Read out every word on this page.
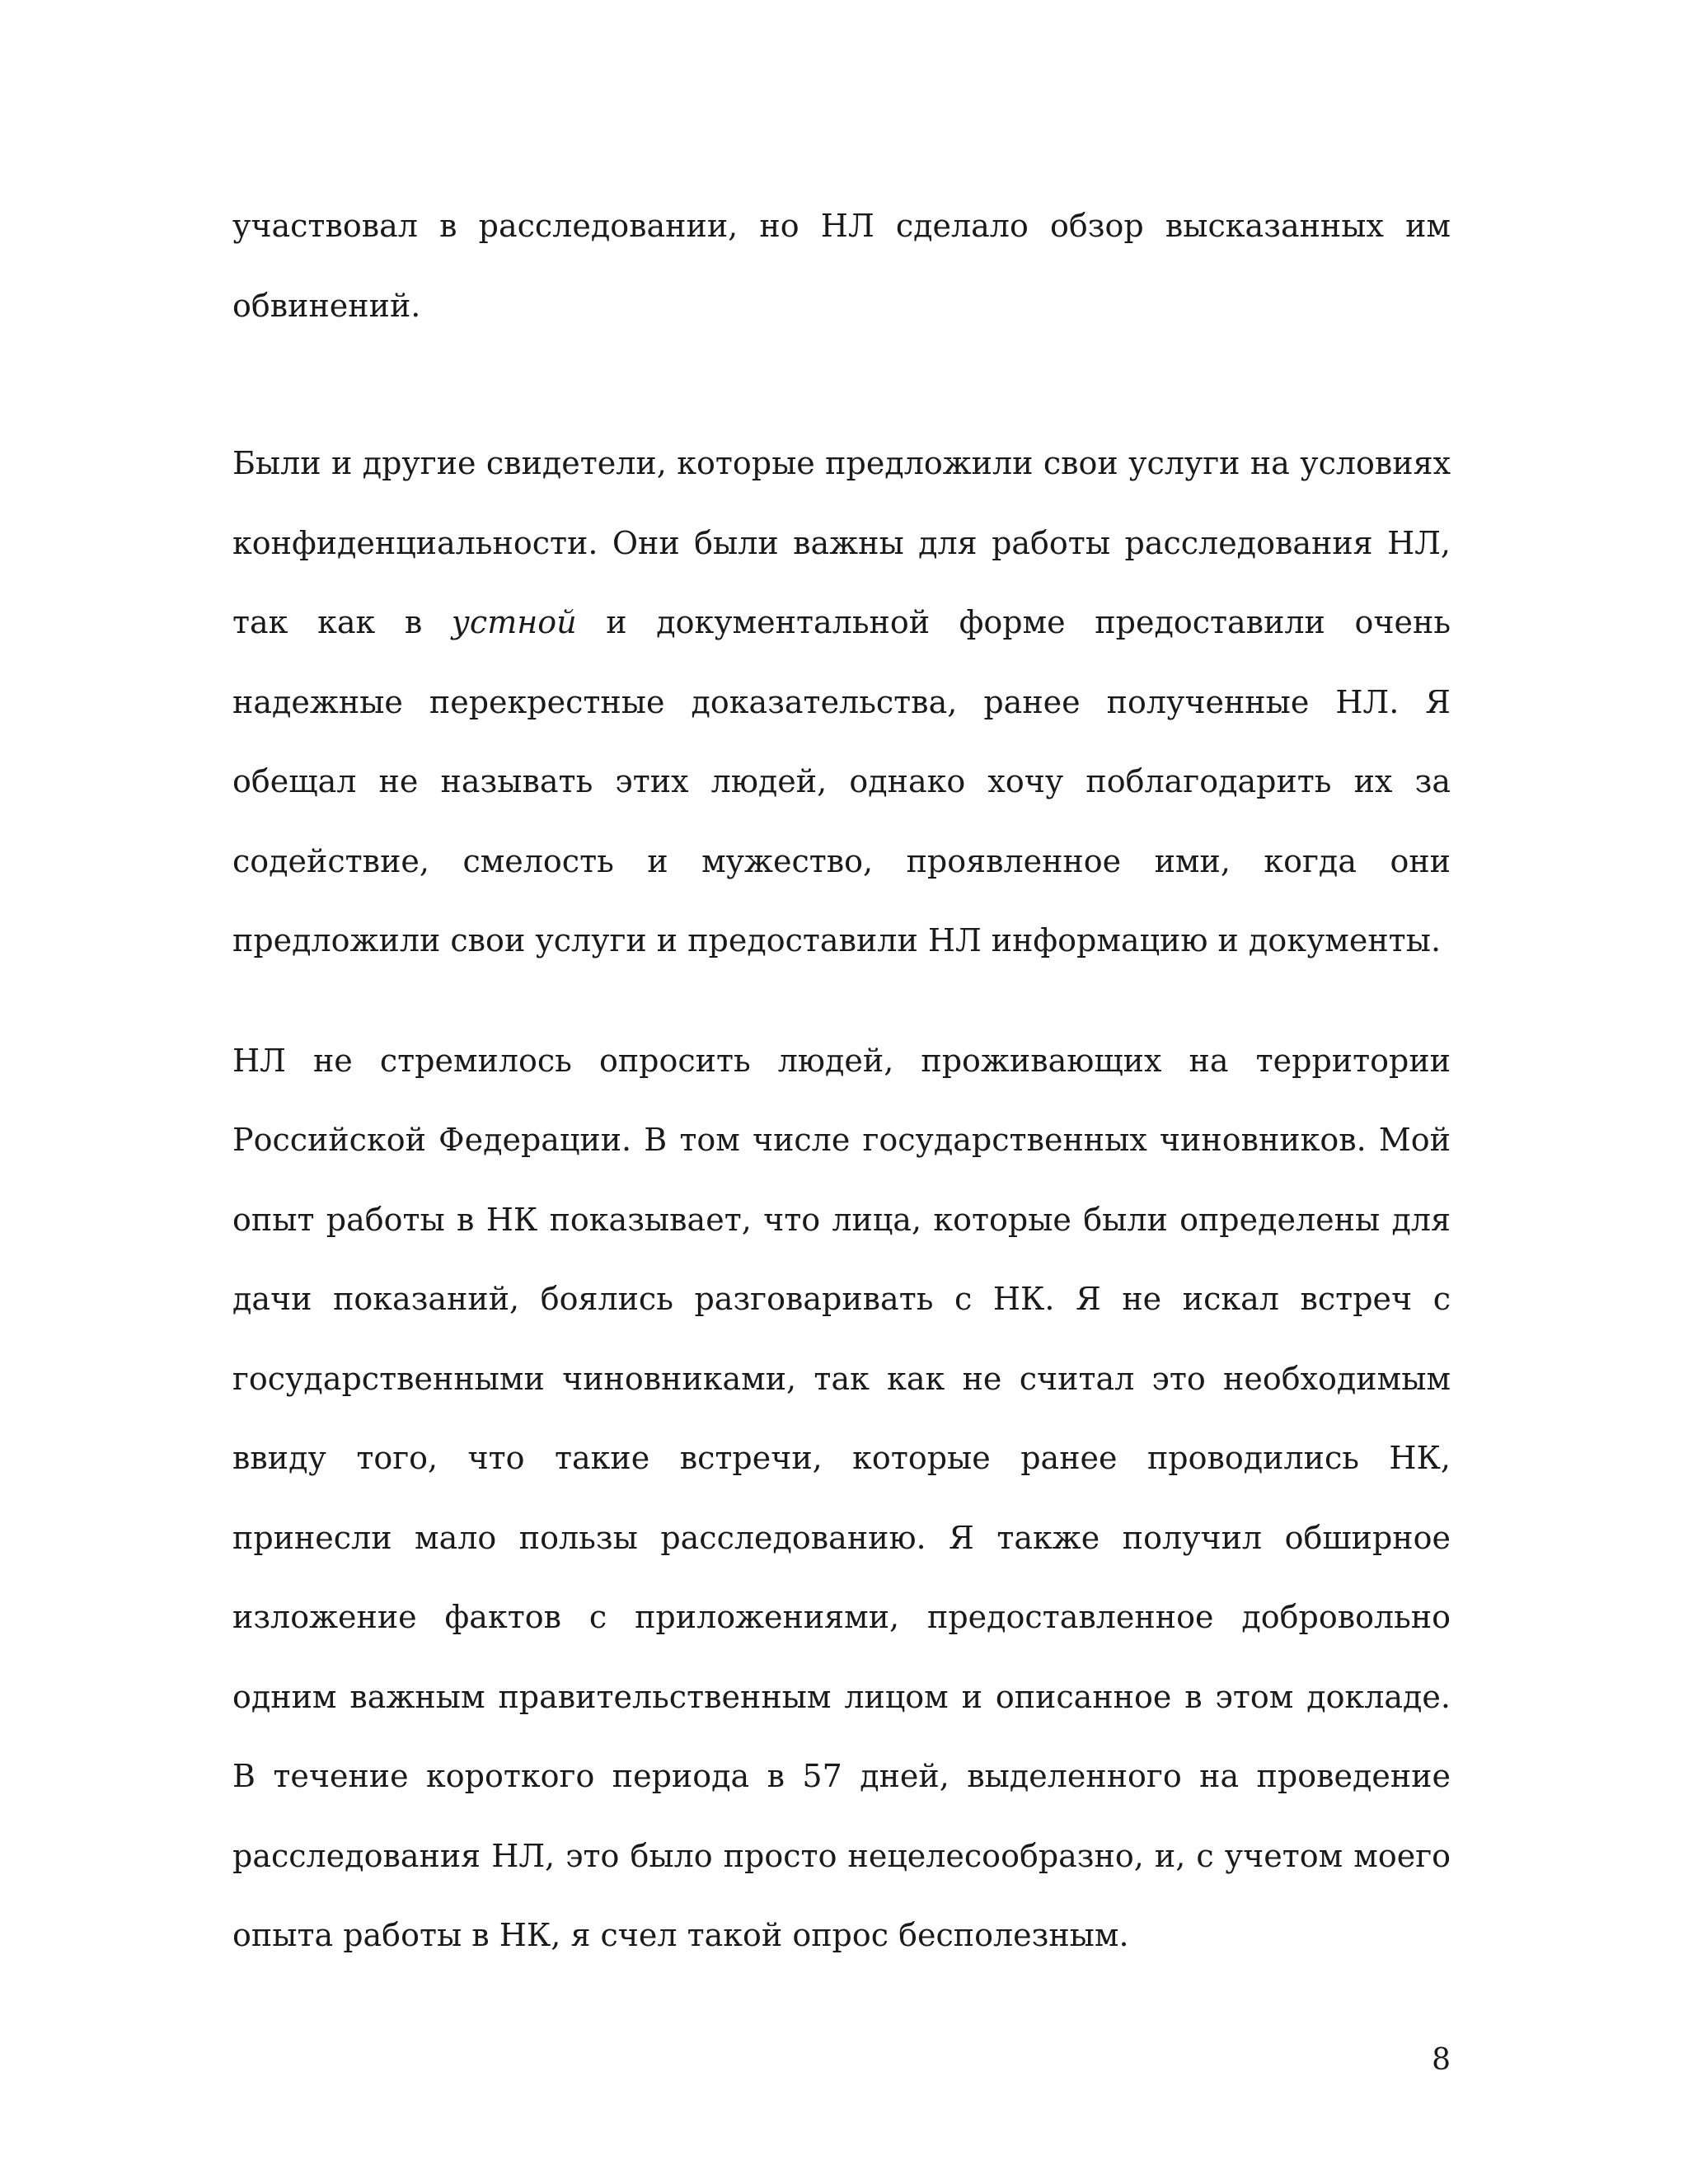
участвовал в расследовании, но НЛ сделало обзор высказанных им обвинений.

Были и другие свидетели, которые предложили свои услуги на условиях конфиденциальности. Они были важны для работы расследования НЛ, так как в устной и документальной форме предоставили очень надежные перекрестные доказательства, ранее полученные НЛ. Я обещал не называть этих людей, однако хочу поблагодарить их за содействие, смелость и мужество, проявленное ими, когда они предложили свои услуги и предоставили НЛ информацию и документы.

НЛ не стремилось опросить людей, проживающих на территории Российской Федерации. В том числе государственных чиновников. Мой опыт работы в НК показывает, что лица, которые были определены для дачи показаний, боялись разговаривать с НК. Я не искал встреч с государственными чиновниками, так как не считал это необходимым ввиду того, что такие встречи, которые ранее проводились НК, принесли мало пользы расследованию. Я также получил обширное изложение фактов с приложениями, предоставленное добровольно одним важным правительственным лицом и описанное в этом докладе. В течение короткого периода в 57 дней, выделенного на проведение расследования НЛ, это было просто нецелесообразно, и, с учетом моего опыта работы в НК, я счел такой опрос бесполезным.

8
